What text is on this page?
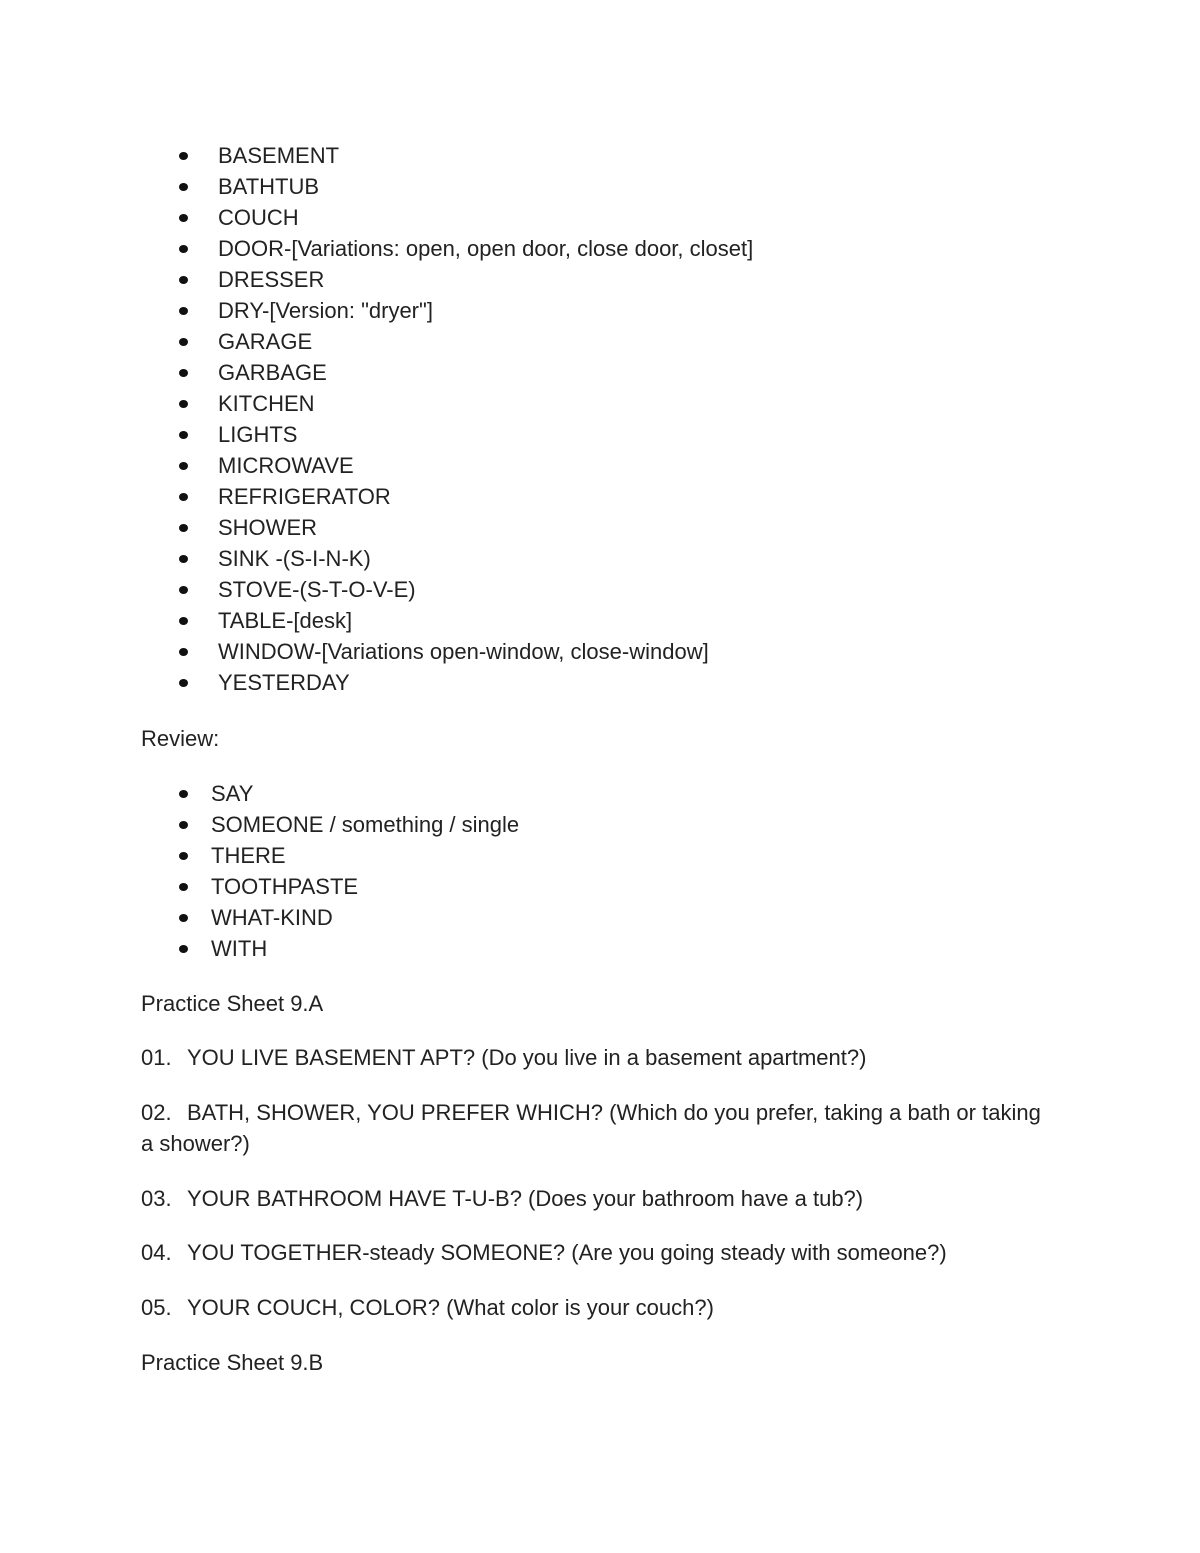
BASEMENT
BATHTUB
COUCH
DOOR-[Variations: open, open door, close door, closet]
DRESSER
DRY-[Version: "dryer"]
GARAGE
GARBAGE
KITCHEN
LIGHTS
MICROWAVE
REFRIGERATOR
SHOWER
SINK -(S-I-N-K)
STOVE-(S-T-O-V-E)
TABLE-[desk]
WINDOW-[Variations open-window, close-window]
YESTERDAY

Review:

SAY
SOMEONE / something / single
THERE
TOOTHPASTE
WHAT-KIND
WITH

Practice Sheet 9.A

01. YOU LIVE BASEMENT APT? (Do you live in a basement apartment?)

02. BATH, SHOWER, YOU PREFER WHICH? (Which do you prefer, taking a bath or taking a shower?)

03. YOUR BATHROOM HAVE T-U-B? (Does your bathroom have a tub?)

04. YOU TOGETHER-steady SOMEONE? (Are you going steady with someone?)

05. YOUR COUCH, COLOR? (What color is your couch?)

Practice Sheet 9.B
